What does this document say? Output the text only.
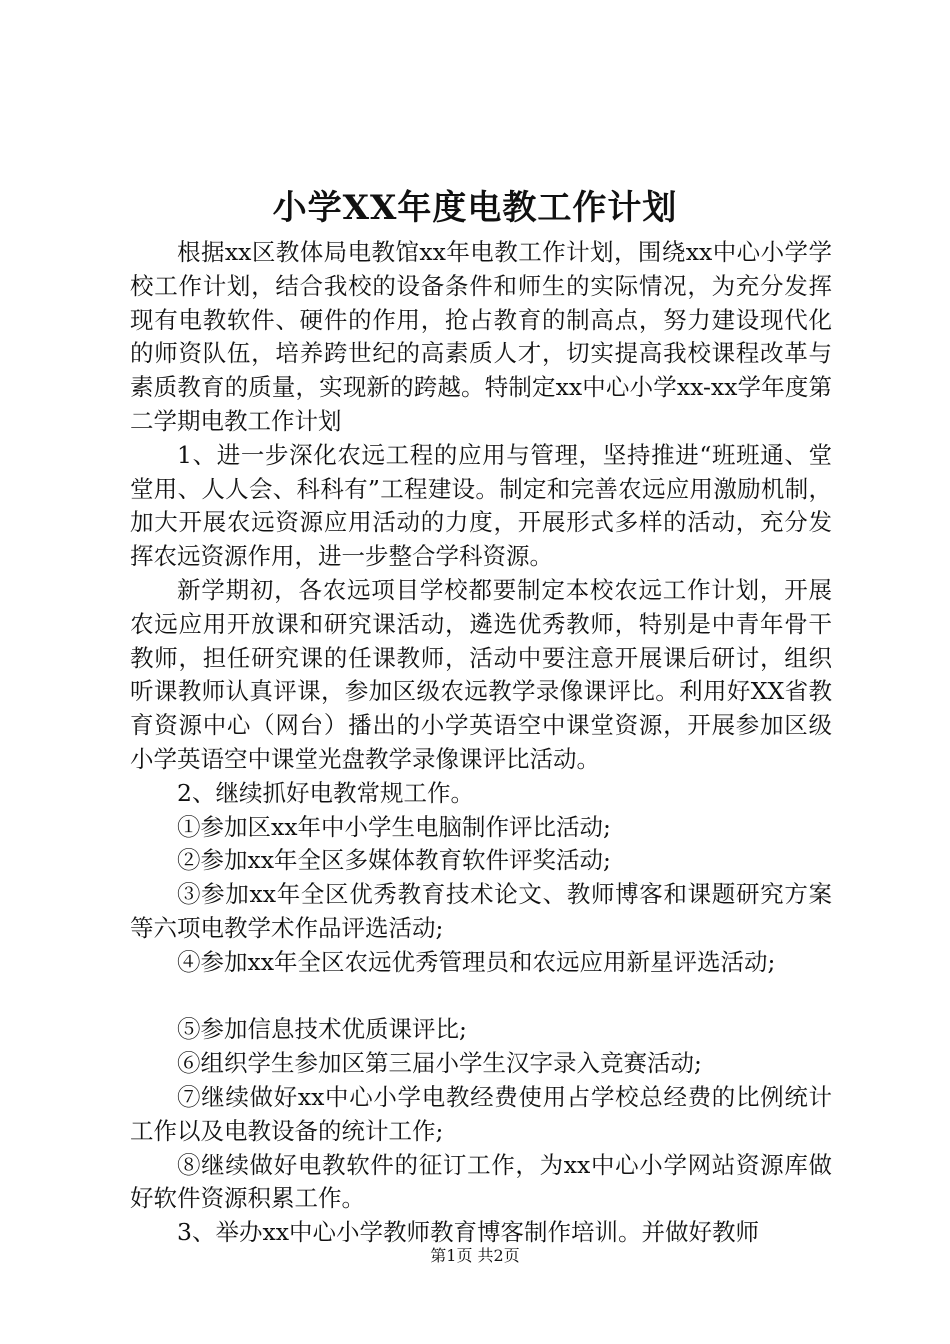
小学XX年度电教工作计划

根据xx区教体局电教馆xx年电教工作计划，围绕xx中心小学学校工作计划，结合我校的设备条件和师生的实际情况，为充分发挥现有电教软件、硬件的作用，抢占教育的制高点，努力建设现代化的师资队伍，培养跨世纪的高素质人才，切实提高我校课程改革与素质教育的质量，实现新的跨越。特制定xx中心小学xx-xx学年度第二学期电教工作计划

1、进一步深化农远工程的应用与管理，坚持推进“班班通、堂堂用、人人会、科科有”工程建设。制定和完善农远应用激励机制，加大开展农远资源应用活动的力度，开展形式多样的活动，充分发挥农远资源作用，进一步整合学科资源。

新学期初，各农远项目学校都要制定本校农远工作计划，开展农远应用开放课和研究课活动，遴选优秀教师，特别是中青年骨干教师，担任研究课的任课教师，活动中要注意开展课后研讨，组织听课教师认真评课，参加区级农远教学录像课评比。利用好XX省教育资源中心（网台）播出的小学英语空中课堂资源，开展参加区级小学英语空中课堂光盘教学录像课评比活动。

2、继续抓好电教常规工作。

①参加区xx年中小学生电脑制作评比活动;

②参加xx年全区多媒体教育软件评奖活动;

③参加xx年全区优秀教育技术论文、教师博客和课题研究方案等六项电教学术作品评选活动;

④参加xx年全区农远优秀管理员和农远应用新星评选活动;

⑤参加信息技术优质课评比;

⑥组织学生参加区第三届小学生汉字录入竞赛活动;

⑦继续做好xx中心小学电教经费使用占学校总经费的比例统计工作以及电教设备的统计工作;

⑧继续做好电教软件的征订工作，为xx中心小学网站资源库做好软件资源积累工作。

3、举办xx中心小学教师教育博客制作培训。并做好教师

第1页 共2页
